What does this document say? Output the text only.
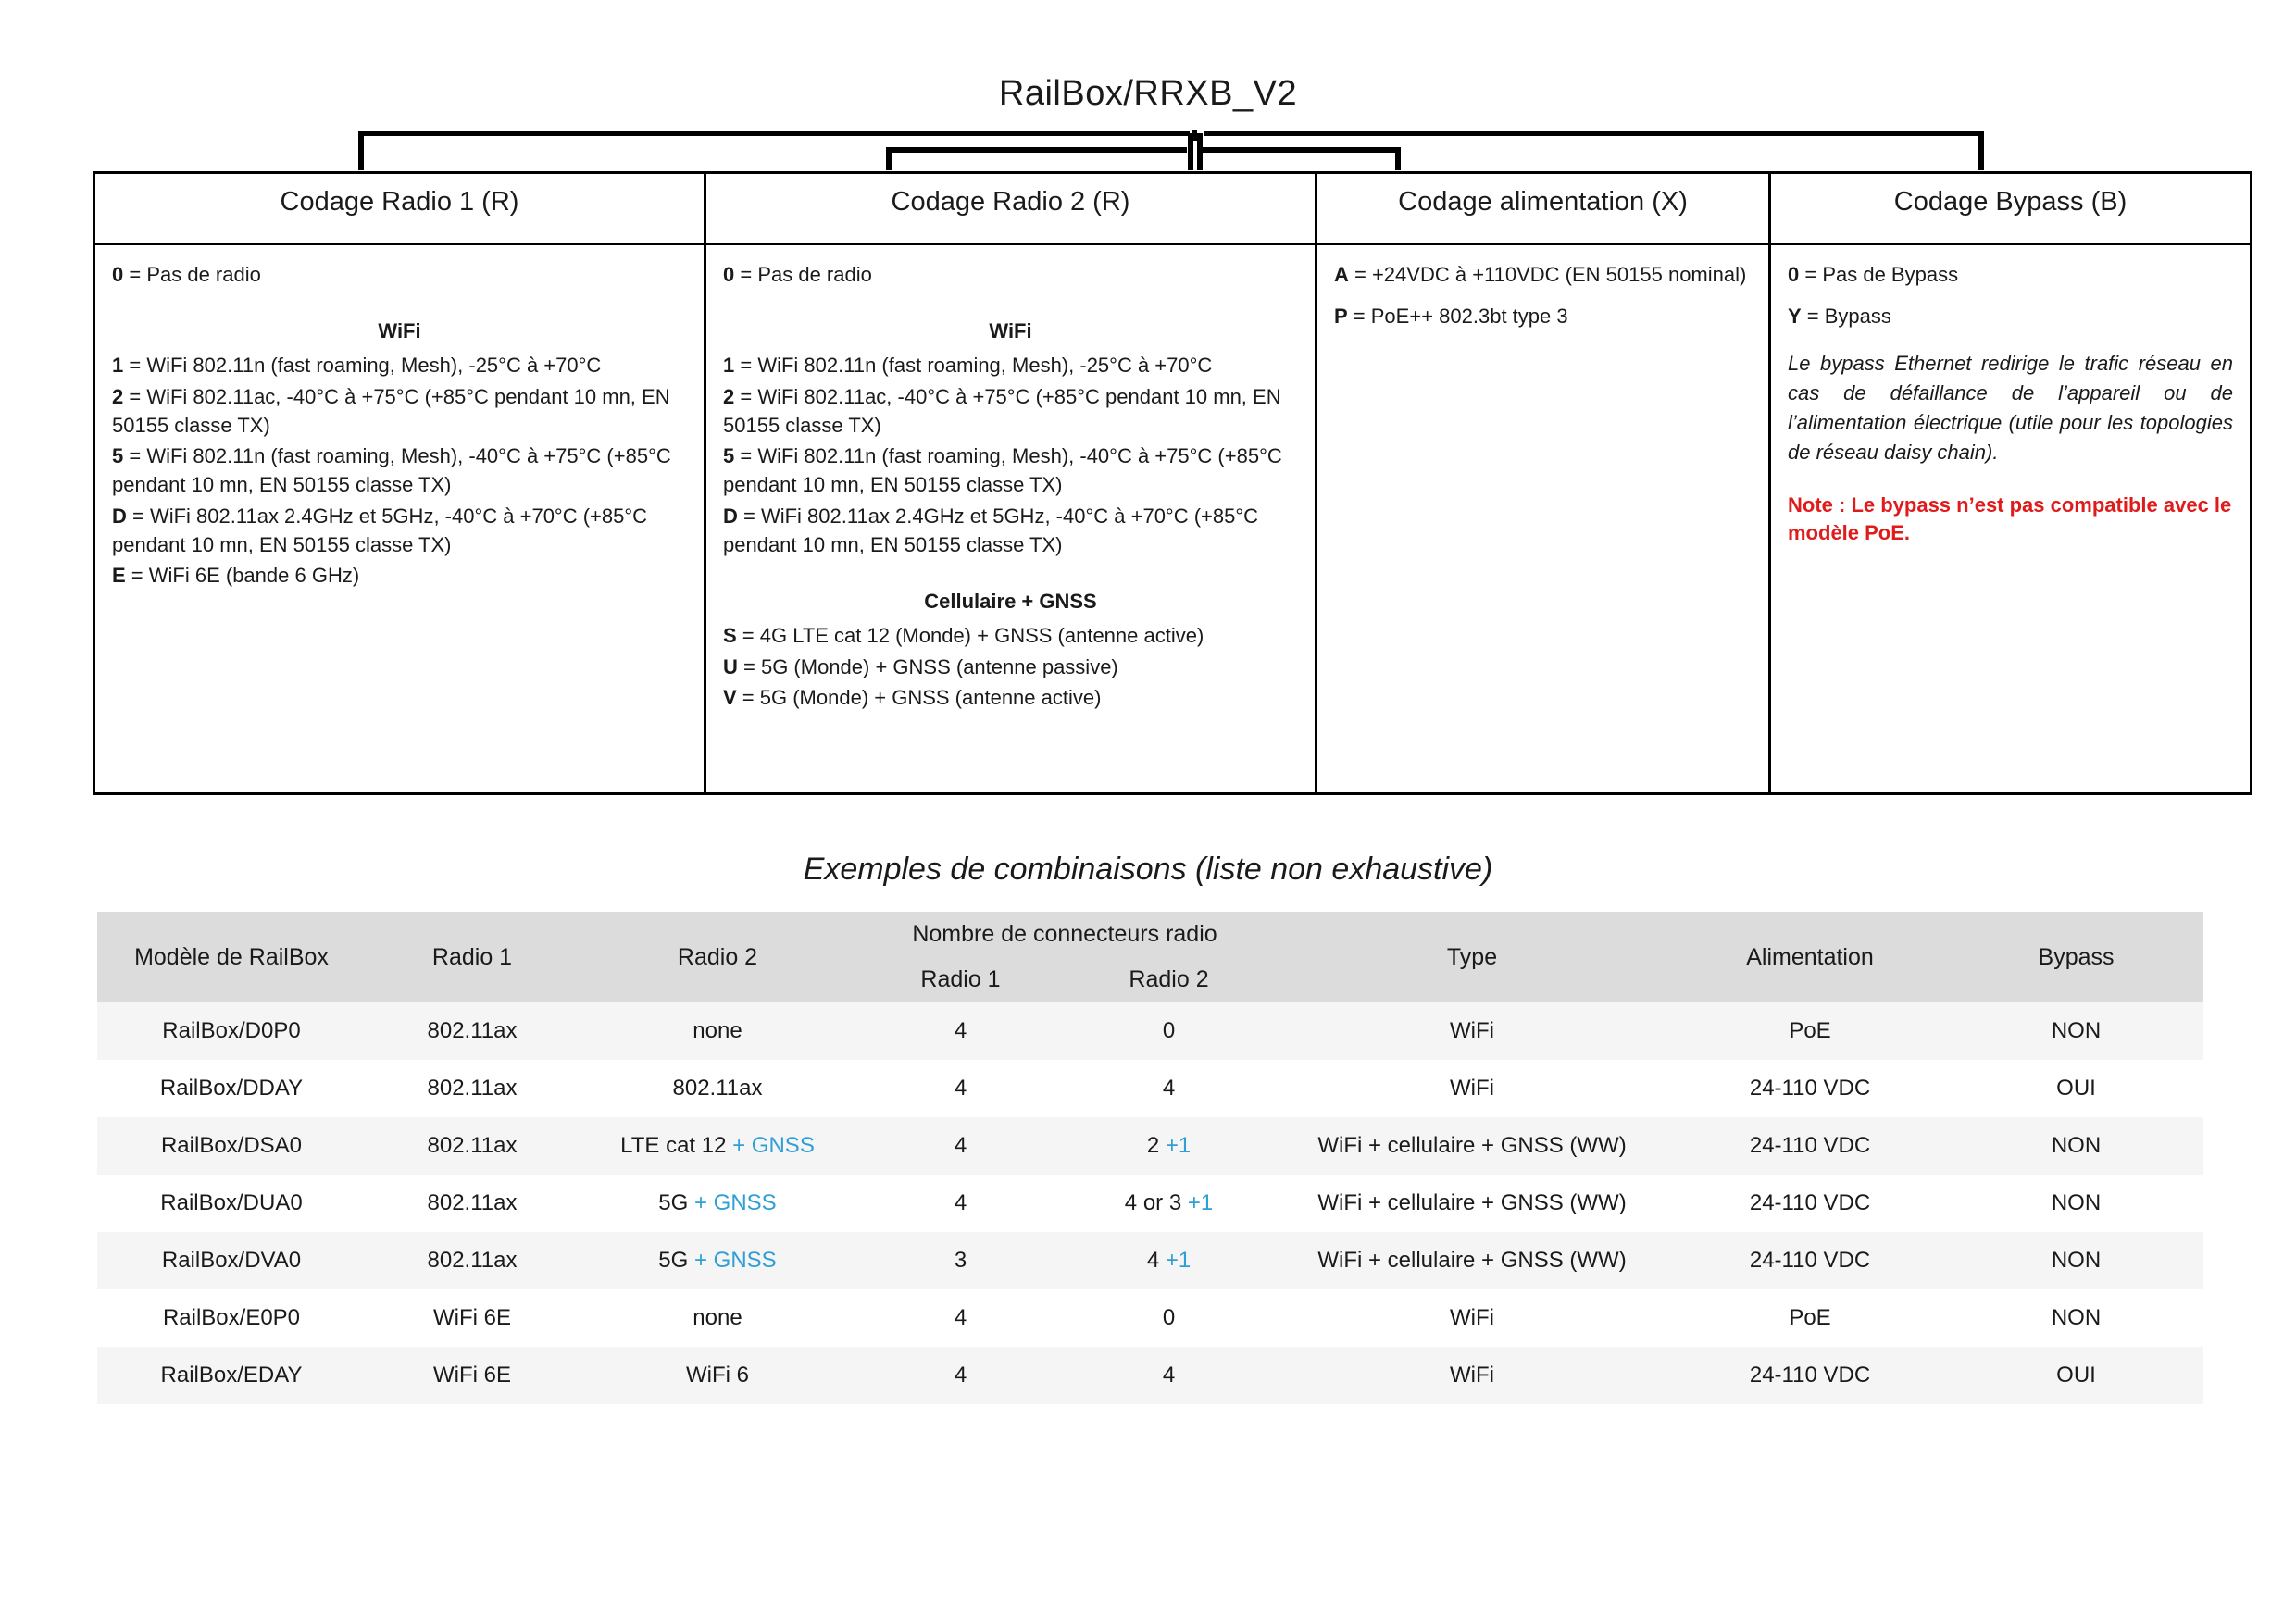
RailBox/RRXB_V2
Codage Radio 1 (R)	Codage Radio 2 (R)	Codage alimentation (X)	Codage Bypass (B)

0 = Pas de radio
WiFi
1 = WiFi 802.11n (fast roaming, Mesh), -25°C à +70°C
2 = WiFi 802.11ac, -40°C à +75°C (+85°C pendant 10 mn, EN 50155 classe TX)
5 = WiFi 802.11n (fast roaming, Mesh), -40°C à +75°C (+85°C pendant 10 mn, EN 50155 classe TX)
D = WiFi 802.11ax 2.4GHz et 5GHz, -40°C à +70°C (+85°C pendant 10 mn, EN 50155 classe TX)
E = WiFi 6E (bande 6 GHz)

0 = Pas de radio
WiFi
1 = WiFi 802.11n (fast roaming, Mesh), -25°C à +70°C
2 = WiFi 802.11ac, -40°C à +75°C (+85°C pendant 10 mn, EN 50155 classe TX)
5 = WiFi 802.11n (fast roaming, Mesh), -40°C à +75°C (+85°C pendant 10 mn, EN 50155 classe TX)
D = WiFi 802.11ax 2.4GHz et 5GHz, -40°C à +70°C (+85°C pendant 10 mn, EN 50155 classe TX)
Cellulaire + GNSS
S = 4G LTE cat 12 (Monde) + GNSS (antenne active)
U = 5G (Monde) + GNSS (antenne passive)
V = 5G (Monde) + GNSS (antenne active)

A = +24VDC à +110VDC (EN 50155 nominal)
P = PoE++ 802.3bt type 3

0 = Pas de Bypass
Y = Bypass
Le bypass Ethernet redirige le trafic réseau en cas de défaillance de l’appareil ou de l’alimentation électrique (utile pour les topologies de réseau daisy chain).
Note : Le bypass n’est pas compatible avec le modèle PoE.
Exemples de combinaisons (liste non exhaustive)
Modèle de RailBox	Radio 1	Radio 2	Nombre de connecteurs radio		Type	Alimentation	Bypass
			Radio 1	Radio 2			
RailBox/D0P0	802.11ax	none	4	0	WiFi	PoE	NON
RailBox/DDAY	802.11ax	802.11ax	4	4	WiFi	24-110 VDC	OUI
RailBox/DSA0	802.11ax	LTE cat 12 + GNSS	4	2 +1	WiFi + cellulaire + GNSS (WW)	24-110 VDC	NON
RailBox/DUA0	802.11ax	5G + GNSS	4	4 or 3 +1	WiFi + cellulaire + GNSS (WW)	24-110 VDC	NON
RailBox/DVA0	802.11ax	5G + GNSS	3	4 +1	WiFi + cellulaire + GNSS (WW)	24-110 VDC	NON
RailBox/E0P0	WiFi 6E	none	4	0	WiFi	PoE	NON
RailBox/EDAY	WiFi 6E	WiFi 6	4	4	WiFi	24-110 VDC	OUI
